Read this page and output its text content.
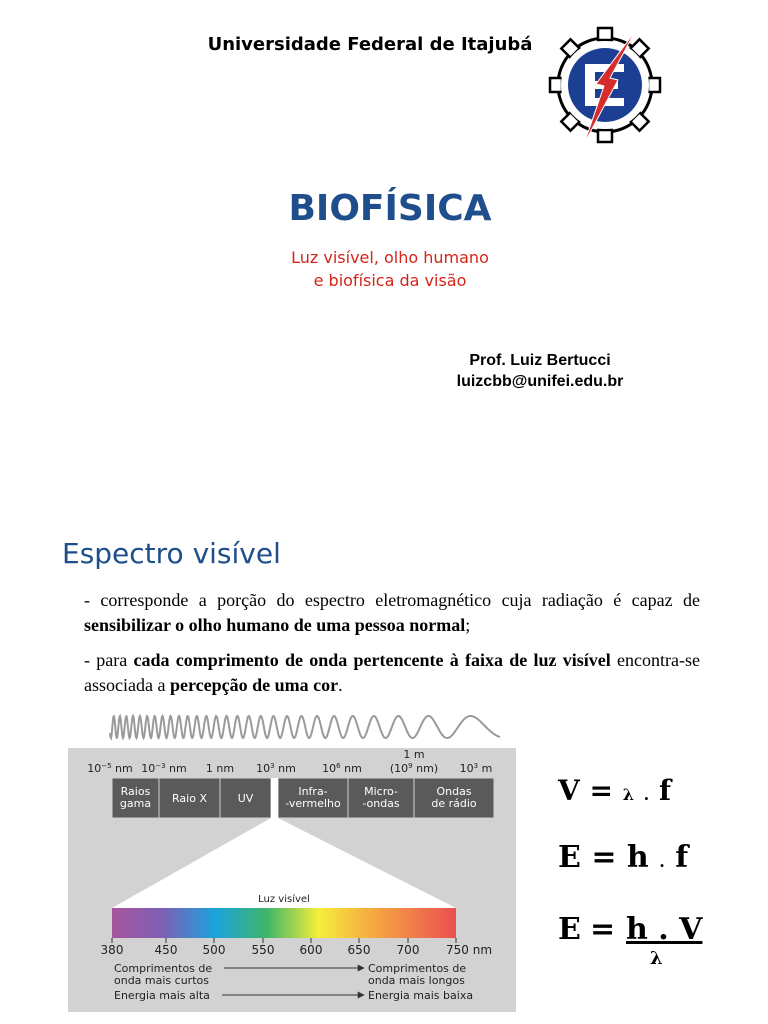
Universidade Federal de Itajubá
BIOFÍSICA
Luz visível, olho humano
e biofísica da visão
Prof. Luiz Bertucci
luizcbb@unifei.edu.br
Espectro visível
- corresponde a porção do espectro eletromagnético cuja radiação é capaz de sensibilizar o olho humano de uma pessoa normal;
- para cada comprimento de onda pertencente à faixa de luz visível encontra-se associada a percepção de uma cor.
$10^{-5}$ nm $10^{-3}$ nm 1 nm $10^3$ nm $10^6$ nm	($10^9$ nm) $10^3$ m
1 m
Raios
gama Raio X	UV
Infra-
-vermelho
Micro-
-ondas
Ondas
de rádio
Luz visível
380	450 500 550 600 650 700 750 nm
Comprimentos de
onda mais curtos
Energia mais alta
Comprimentos de
onda mais longos
Energia mais baixa
V = λ . f
E = h . f
E = h . V
λ
